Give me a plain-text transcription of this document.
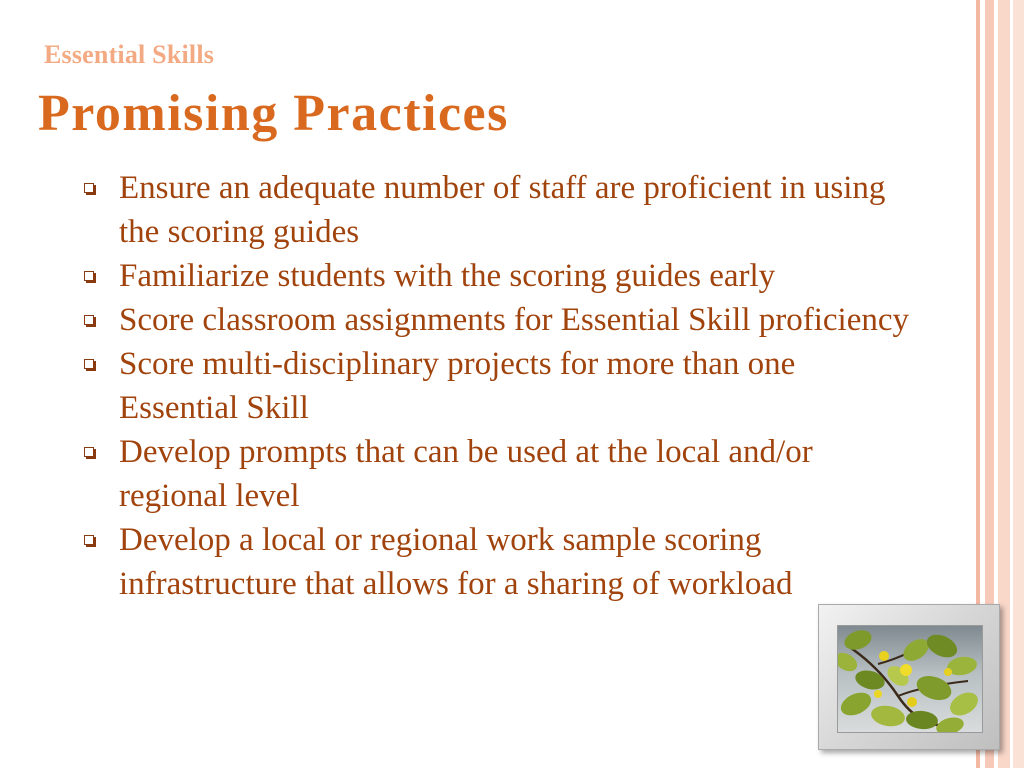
Essential Skills
Promising Practices
Ensure an adequate number of staff are proficient in using the scoring guides
Familiarize students with the scoring guides early
Score classroom assignments for Essential Skill proficiency
Score multi-disciplinary projects for more than one Essential Skill
Develop prompts that can be used at the local and/or regional level
Develop a local or regional work sample scoring infrastructure that allows for a sharing of workload
